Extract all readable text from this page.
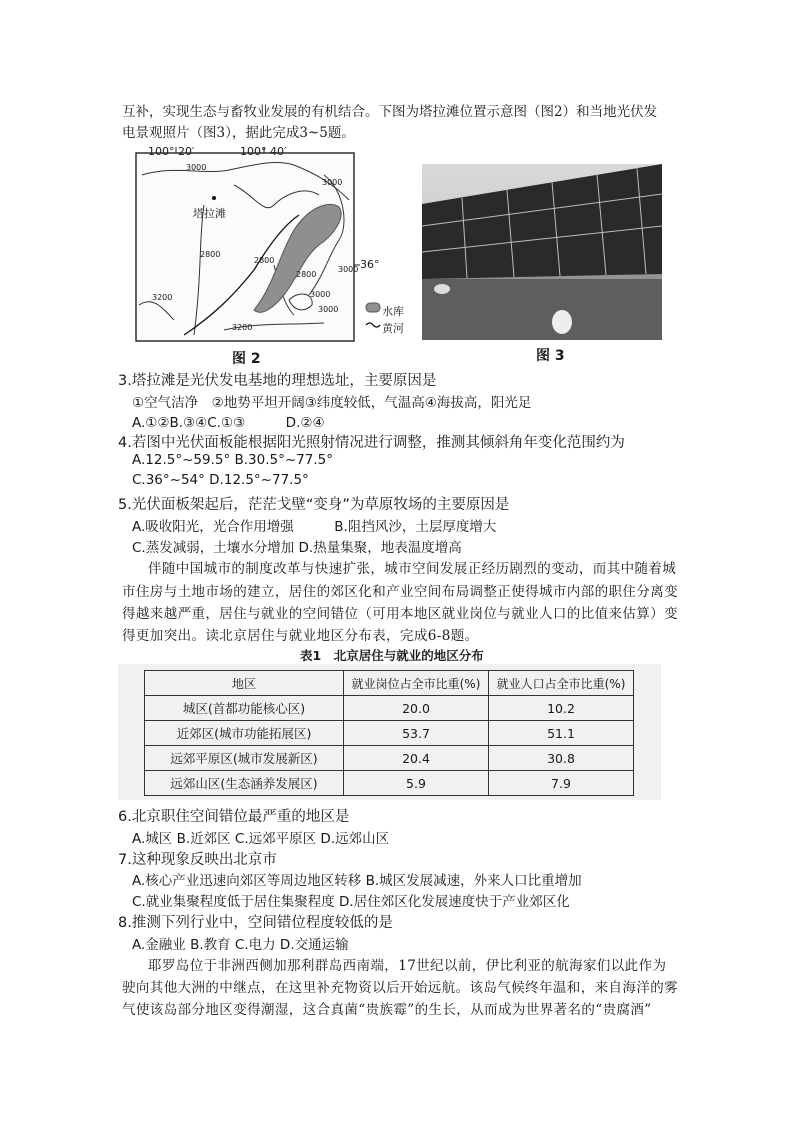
互补，实现生态与畜牧业发展的有机结合。下图为塔拉滩位置示意图（图2）和当地光伏发

电景观照片（图3），据此完成3~5题。

100° 20′	100° 40′
36°
塔拉滩
3000
3000
2800
2800
2800
3000
3000
3000
3200
3200
水库
黄河
图 2	图 3

3.塔拉滩是光伏发电基地的理想选址，主要原因是

①空气洁净　②地势平坦开阔③纬度较低，气温高④海拔高，阳光足

A.①②B.③④C.①③　　　D.②④

4.若图中光伏面板能根据阳光照射情况进行调整，推测其倾斜角年变化范围约为

A.12.5°~59.5° B.30.5°~77.5°

C.36°~54° D.12.5°~77.5°

5.光伏面板架起后，茫茫戈壁“变身”为草原牧场的主要原因是

A.吸收阳光，光合作用增强　　　B.阻挡风沙，土层厚度增大

C.蒸发减弱，土壤水分增加 D.热量集聚，地表温度增高

伴随中国城市的制度改革与快速扩张，城市空间发展正经历剧烈的变动，而其中随着城

市住房与土地市场的建立，居住的郊区化和产业空间布局调整正使得城市内部的职住分离变

得越来越严重，居住与就业的空间错位（可用本地区就业岗位与就业人口的比值来估算）变

得更加突出。读北京居住与就业地区分布表，完成6-8题。

表1　北京居住与就业的地区分布
地区	就业岗位占全市比重(%)	就业人口占全市比重(%)
城区(首都功能核心区)	20.0	10.2
近郊区(城市功能拓展区)	53.7	51.1
远郊平原区(城市发展新区)	20.4	30.8
远郊山区(生态涵养发展区)	5.9	7.9

6.北京职住空间错位最严重的地区是

A.城区 B.近郊区 C.远郊平原区 D.远郊山区

7.这种现象反映出北京市

A.核心产业迅速向郊区等周边地区转移 B.城区发展减速，外来人口比重增加

C.就业集聚程度低于居住集聚程度 D.居住郊区化发展速度快于产业郊区化

8.推测下列行业中，空间错位程度较低的是

A.金融业 B.教育 C.电力 D.交通运输

耶罗岛位于非洲西侧加那利群岛西南端，17世纪以前，伊比利亚的航海家们以此作为

驶向其他大洲的中继点，在这里补充物资以后开始远航。该岛气候终年温和，来自海洋的雾

气使该岛部分地区变得潮湿，这合真菌“贵族霉”的生长，从而成为世界著名的“贵腐酒”
